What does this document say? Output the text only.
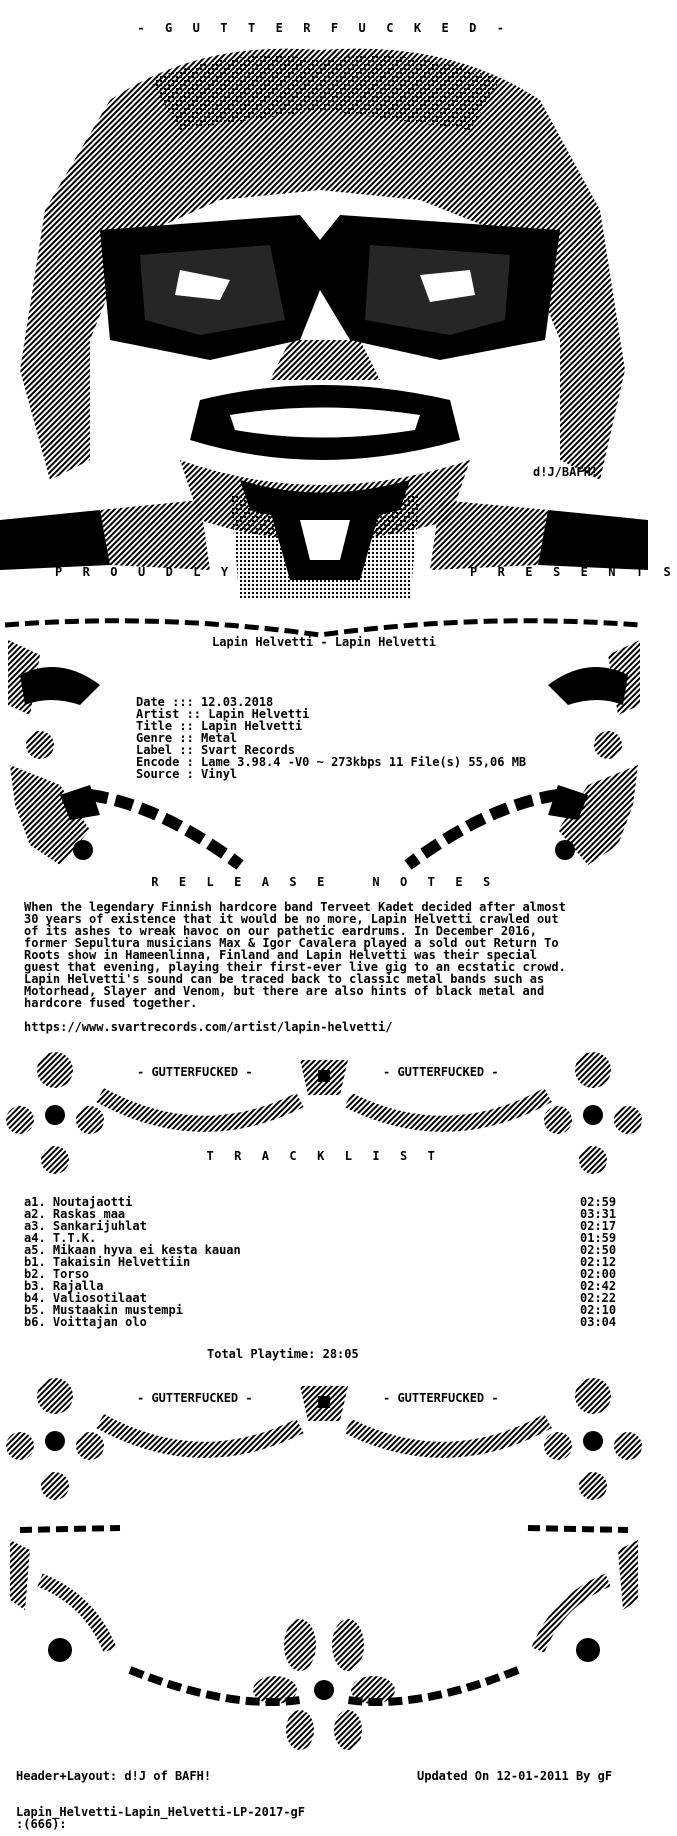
- G U T T E R F U C K E D -
d!J/BAFH!
P R O U D L Y	gF	P R E S E N T S
Lapin Helvetti - Lapin Helvetti
Date ::: 12.03.2018
Artist :: Lapin Helvetti
Title :: Lapin Helvetti
Genre :: Metal
Label :: Svart Records
Encode : Lame 3.98.4 -V0 ~ 273kbps 11 File(s) 55,06 MB
Source : Vinyl
R E L E A S E   N O T E S
When the legendary Finnish hardcore band Terveet Kadet decided after almost
30 years of existence that it would be no more, Lapin Helvetti crawled out
of its ashes to wreak havoc on our pathetic eardrums. In December 2016,
former Sepultura musicians Max & Igor Cavalera played a sold out Return To
Roots show in Hameenlinna, Finland and Lapin Helvetti was their special
guest that evening, playing their first-ever live gig to an ecstatic crowd.
Lapin Helvetti's sound can be traced back to classic metal bands such as
Motorhead, Slayer and Venom, but there are also hints of black metal and
hardcore fused together.
https://www.svartrecords.com/artist/lapin-helvetti/
- GUTTERFUCKED -	- GUTTERFUCKED -
T R A C K L I S T
a1. Noutajaotti	02:59
a2. Raskas maa	03:31
a3. Sankarijuhlat	02:17
a4. T.T.K.	01:59
a5. Mikaan hyva ei kesta kauan	02:50
b1. Takaisin Helvettiin	02:12
b2. Torso	02:00
b3. Rajalla	02:42
b4. Valiosotilaat	02:22
b5. Mustaakin mustempi	02:10
b6. Voittajan olo	03:04
Total Playtime: 28:05
- GUTTERFUCKED -	- GUTTERFUCKED -
Header+Layout: d!J of BAFH!	Updated On 12-01-2011 By gF
Lapin_Helvetti-Lapin_Helvetti-LP-2017-gF
:(666):
